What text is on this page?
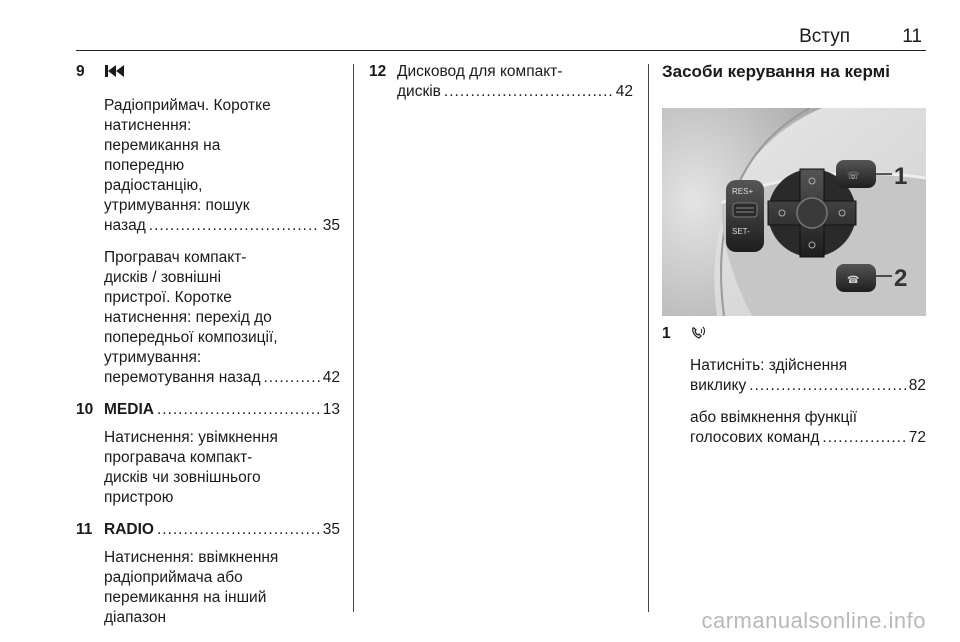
Вступ	11
9
Радіоприймач. Коротке
натиснення:
перемикання на
попередню
радіостанцію,
утримування: пошук
назад .....	35
Програвач компакт-
дисків / зовнішні
пристрої. Коротке
натиснення: перехід до
попередньої композиції,
утримування:
перемотування назад .....	42
10 MEDIA .....	13
Натиснення: увімкнення
програвача компакт-
дисків чи зовнішнього
пристрою
11 RADIO .....	35
Натиснення: ввімкнення
радіоприймача або
перемикання на інший
діапазон
12 Дисковод для компакт-
дисків .....	42
Засоби керування на кермі
RES+
SET-
☏
☎
1
2
1
Натисніть: здійснення
виклику .....	82
або ввімкнення функції
голосових команд .....	72
carmanualsonline.info
